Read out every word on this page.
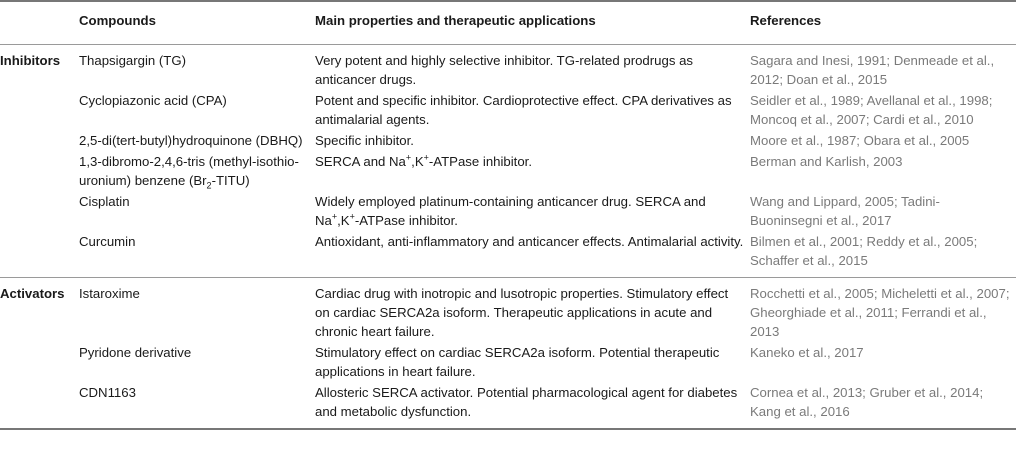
	Compounds	Main properties and therapeutic applications	References
Inhibitors	Thapsigargin (TG)	Very potent and highly selective inhibitor. TG-related prodrugs as anticancer drugs.	Sagara and Inesi, 1991; Denmeade et al., 2012; Doan et al., 2015
	Cyclopiazonic acid (CPA)	Potent and specific inhibitor. Cardioprotective effect. CPA derivatives as antimalarial agents.	Seidler et al., 1989; Avellanal et al., 1998; Moncoq et al., 2007; Cardi et al., 2010
	2,5-di(tert-butyl)hydroquinone (DBHQ)	Specific inhibitor.	Moore et al., 1987; Obara et al., 2005
	1,3-dibromo-2,4,6-tris (methyl-isothio-uronium) benzene $(Br_2-TITU)$	SERCA and Na+,K+-ATPase inhibitor.	Berman and Karlish, 2003
	Cisplatin	Widely employed platinum-containing anticancer drug. SERCA and Na+,K+-ATPase inhibitor.	Wang and Lippard, 2005; Tadini-Buoninsegni et al., 2017
	Curcumin	Antioxidant, anti-inflammatory and anticancer effects. Antimalarial activity.	Bilmen et al., 2001; Reddy et al., 2005; Schaffer et al., 2015
Activators	Istaroxime	Cardiac drug with inotropic and lusotropic properties. Stimulatory effect on cardiac SERCA2a isoform. Therapeutic applications in acute and chronic heart failure.	Rocchetti et al., 2005; Micheletti et al., 2007; Gheorghiade et al., 2011; Ferrandi et al., 2013
	Pyridone derivative	Stimulatory effect on cardiac SERCA2a isoform. Potential therapeutic applications in heart failure.	Kaneko et al., 2017
	CDN1163	Allosteric SERCA activator. Potential pharmacological agent for diabetes and metabolic dysfunction.	Cornea et al., 2013; Gruber et al., 2014; Kang et al., 2016
